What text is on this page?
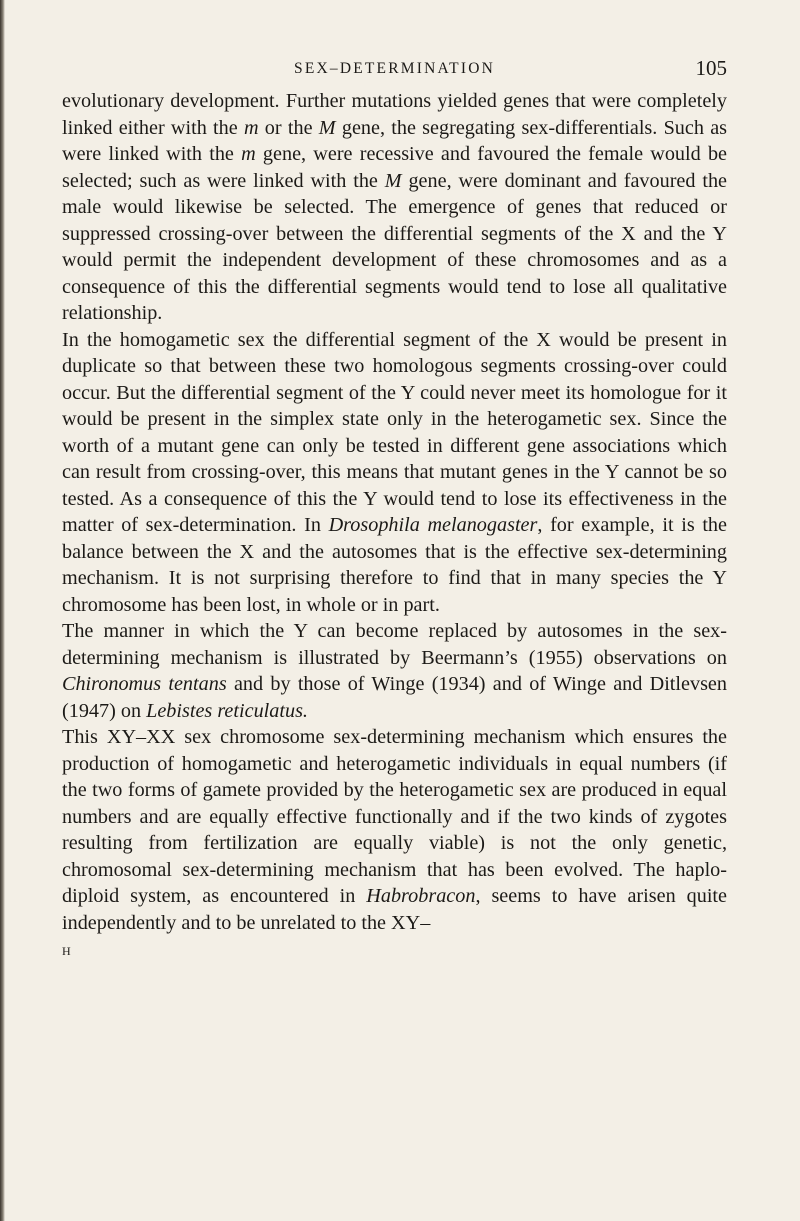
SEX–DETERMINATION	105

evolutionary development. Further mutations yielded genes that were completely linked either with the m or the M gene, the segregating sex-differentials. Such as were linked with the m gene, were recessive and favoured the female would be selected; such as were linked with the M gene, were dominant and favoured the male would likewise be selected. The emergence of genes that reduced or suppressed crossing-over between the differential segments of the X and the Y would permit the independent development of these chromosomes and as a consequence of this the differential segments would tend to lose all qualitative relationship.

In the homogametic sex the differential segment of the X would be present in duplicate so that between these two homologous segments crossing-over could occur. But the differential segment of the Y could never meet its homologue for it would be present in the simplex state only in the heterogametic sex. Since the worth of a mutant gene can only be tested in different gene associations which can result from crossing-over, this means that mutant genes in the Y cannot be so tested. As a consequence of this the Y would tend to lose its effectiveness in the matter of sex-determination. In Drosophila melanogaster, for example, it is the balance between the X and the autosomes that is the effective sex-determining mechanism. It is not surprising therefore to find that in many species the Y chromosome has been lost, in whole or in part.

The manner in which the Y can become replaced by autosomes in the sex-determining mechanism is illustrated by Beermann’s (1955) observations on Chironomus tentans and by those of Winge (1934) and of Winge and Ditlevsen (1947) on Lebistes reticulatus.

This XY–XX sex chromosome sex-determining mechanism which ensures the production of homogametic and heterogametic individuals in equal numbers (if the two forms of gamete provided by the heterogametic sex are produced in equal numbers and are equally effective functionally and if the two kinds of zygotes resulting from fertilization are equally viable) is not the only genetic, chromosomal sex-determining mechanism that has been evolved. The haplo-diploid system, as encountered in Habrobracon, seems to have arisen quite independently and to be unrelated to the XY–

H
